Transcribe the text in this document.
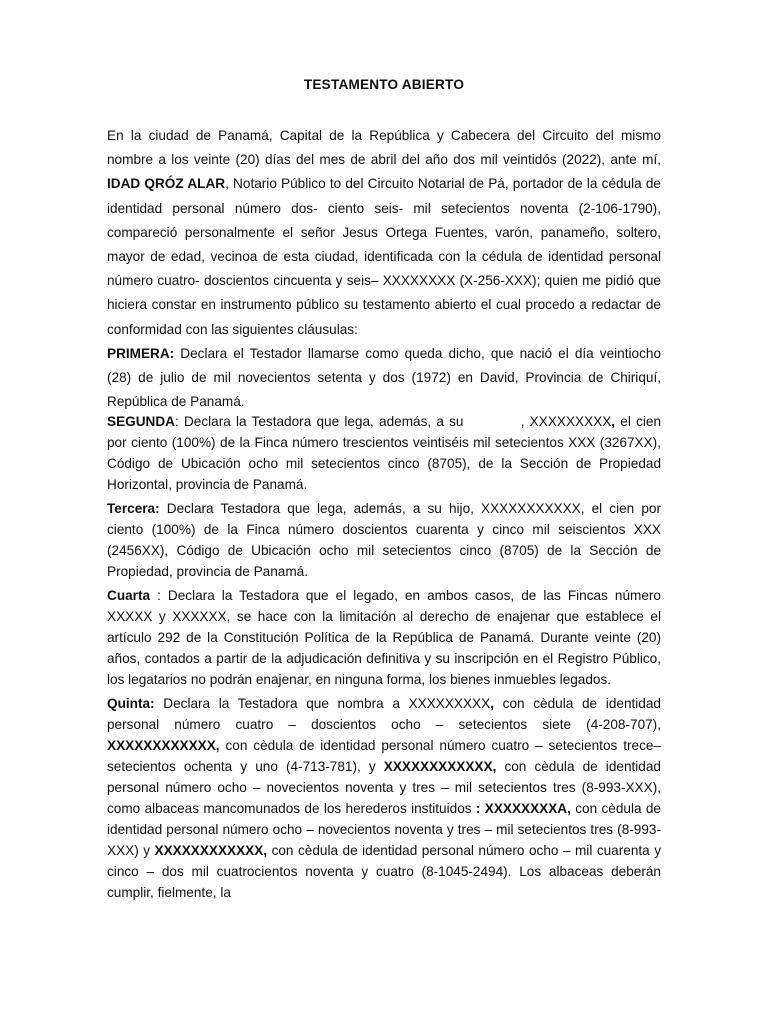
TESTAMENTO ABIERTO

En la ciudad de Panamá, Capital de la República y Cabecera del Circuito del mismo nombre a los veinte (20) días del mes de abril del año dos mil veintidós (2022), ante mí, IDAD QRÓZ ALAR, Notario Público to del Circuito Notarial de Pá, portador de la cédula de identidad personal número dos- ciento seis- mil setecientos noventa (2-106-1790), compareció personalmente el señor Jesus Ortega Fuentes, varón, panameño, soltero, mayor de edad, vecinoa de esta ciudad, identificada con la cédula de identidad personal número cuatro- doscientos cincuenta y seis– XXXXXXXX (X-256-XXX); quien me pidió que hiciera constar en instrumento público su testamento abierto el cual procedo a redactar de conformidad con las siguientes cláusulas:

PRIMERA: Declara el Testador llamarse como queda dicho, que nació el día veintiocho (28) de julio de mil novecientos setenta y dos (1972) en David, Provincia de Chiriquí, República de Panamá.

SEGUNDA: Declara la Testadora que lega, además, a su	, XXXXXXXXX, el cien por ciento (100%) de la Finca número trescientos veintiséis mil setecientos XXX (3267XX), Código de Ubicación ocho mil setecientos cinco (8705), de la Sección de Propiedad Horizontal, provincia de Panamá.

Tercera: Declara Testadora que lega, además, a su hijo, XXXXXXXXXXX, el cien por ciento (100%) de la Finca número doscientos cuarenta y cinco mil seiscientos XXX (2456XX), Código de Ubicación ocho mil setecientos cinco (8705) de la Sección de Propiedad, provincia de Panamá.

Cuarta : Declara la Testadora que el legado, en ambos casos, de las Fincas número XXXXX y XXXXXX, se hace con la limitación al derecho de enajenar que establece el artículo 292 de la Constitución Política de la República de Panamá. Durante veinte (20) años, contados a partir de la adjudicación definitiva y su inscripción en el Registro Público, los legatarios no podrán enajenar, en ninguna forma, los bienes inmuebles legados.

Quinta: Declara la Testadora que nombra a XXXXXXXXX, con cèdula de identidad personal número cuatro – doscientos ocho – setecientos siete (4-208-707), XXXXXXXXXXXX, con cèdula de identidad personal número cuatro – setecientos trece– setecientos ochenta y uno (4-713-781), y XXXXXXXXXXXX, con cèdula de identidad personal número ocho – novecientos noventa y tres – mil setecientos tres (8-993-XXX), como albaceas mancomunados de los herederos instituidos : XXXXXXXXA, con cèdula de identidad personal número ocho – novecientos noventa y tres – mil setecientos tres (8-993-XXX) y XXXXXXXXXXXX, con cèdula de identidad personal número ocho – mil cuarenta y cinco – dos mil cuatrocientos noventa y cuatro (8-1045-2494). Los albaceas deberán cumplir, fielmente, la
